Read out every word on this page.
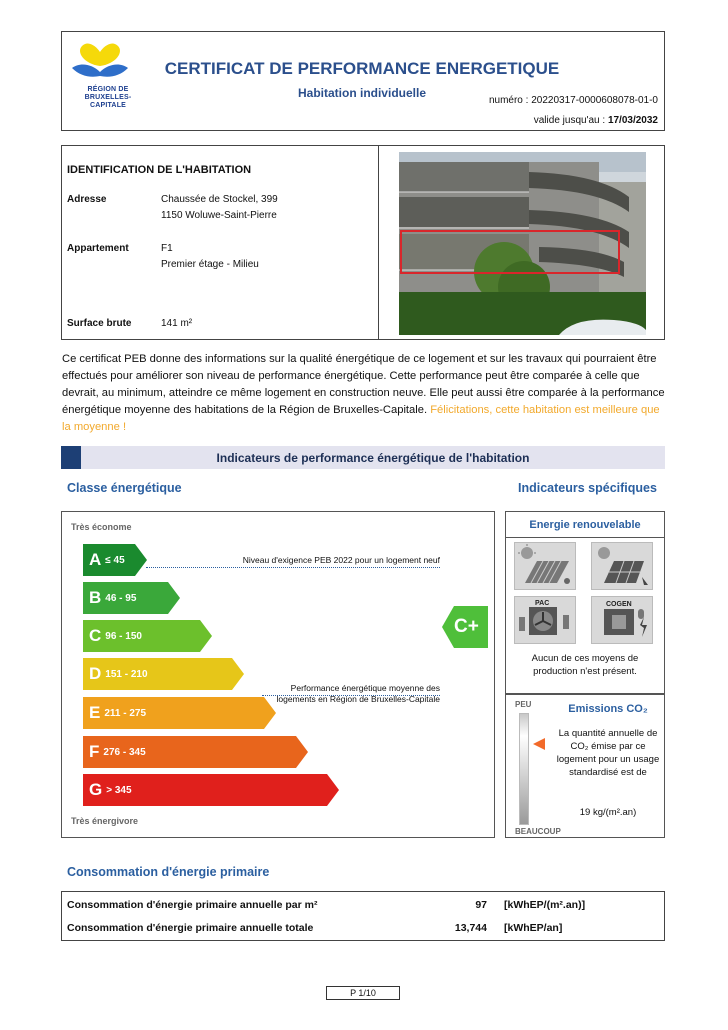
RÉGION DE
BRUXELLES-
CAPITALE
CERTIFICAT DE PERFORMANCE ENERGETIQUE
Habitation individuelle
numéro : 20220317-0000608078-01-0
valide jusqu'au : 17/03/2032
IDENTIFICATION DE L'HABITATION
Adresse	Chaussée de Stockel, 399
1150 Woluwe-Saint-Pierre
Appartement	F1
Premier étage - Milieu
Surface brute	141 m²
Ce certificat PEB donne des informations sur la qualité énergétique de ce logement et sur les travaux qui pourraient être effectués pour améliorer son niveau de performance énergétique. Cette performance peut être comparée à celle que devrait, au minimum, atteindre ce même logement en construction neuve. Elle peut aussi être comparée à la performance énergétique moyenne des habitations de la Région de Bruxelles-Capitale. Félicitations, cette habitation est meilleure que la moyenne !
Indicateurs de performance énergétique de l'habitation
Classe énergétique	Indicateurs spécifiques
Très économe
Très énergivore
A ≤ 45
B 46 - 95
C 96 - 150
D 151 - 210
E 211 - 275
F 276 - 345
G > 345
Niveau d'exigence PEB 2022 pour un logement neuf
Performance énergétique moyenne des
logements en Région de Bruxelles-Capitale
C+
Energie renouvelable
PAC	COGEN
Aucun de ces moyens de production n'est présent.
PEU
BEAUCOUP
Emissions CO₂
La quantité annuelle de CO₂ émise par ce logement pour un usage standardisé est de
19 kg/(m².an)
Consommation d'énergie primaire
Consommation d'énergie primaire annuelle par m²	97 [kWhEP/(m².an)]
Consommation d'énergie primaire annuelle totale	13,744 [kWhEP/an]
P 1/10
